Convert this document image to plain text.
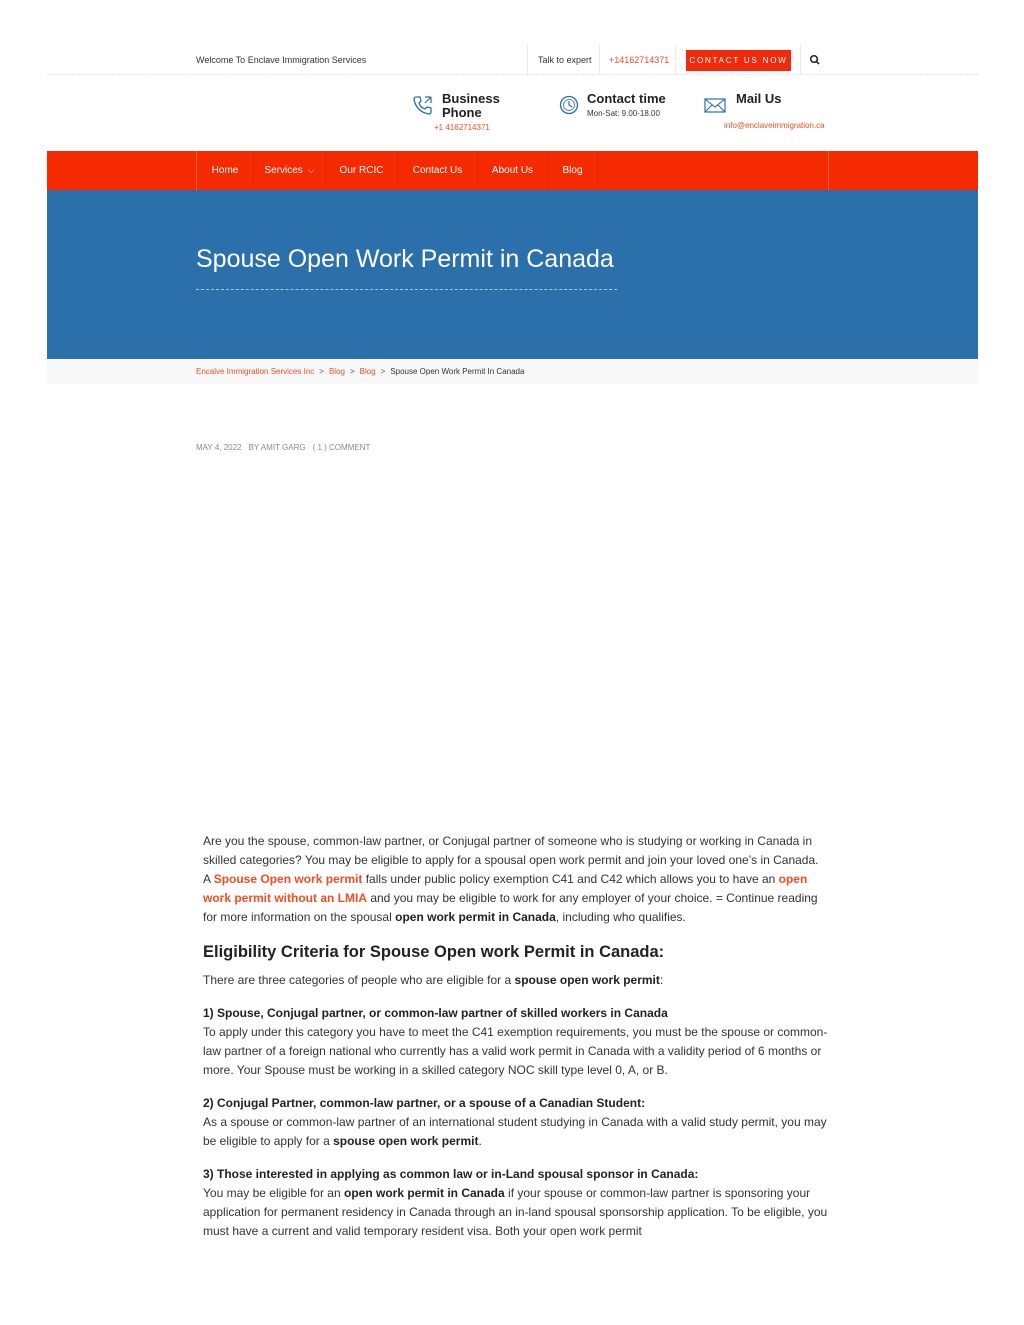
Welcome To Enclave Immigration Services	Talk to expert +14162714371	CONTACT US NOW
Business Phone
+1 4162714371
Contact time
Mon-Sat: 9.00-18.00
Mail Us
info@enclaveimmigration.ca
Home	Services ⌵	Our RCIC	Contact Us	About Us	Blog
Spouse Open Work Permit in Canada
Encalve Immigration Services Inc > Blog > Blog > Spouse Open Work Permit In Canada
MAY 4, 2022 BY AMIT GARG ( 1 ) COMMENT

Are you the spouse, common-law partner, or Conjugal partner of someone who is studying or working in Canada in skilled categories? You may be eligible to apply for a spousal open work permit and join your loved one’s in Canada. A Spouse Open work permit falls under public policy exemption C41 and C42 which allows you to have an open work permit without an LMIA and you may be eligible to work for any employer of your choice. = Continue reading for more information on the spousal open work permit in Canada, including who qualifies.

Eligibility Criteria for Spouse Open work Permit in Canada:

There are three categories of people who are eligible for a spouse open work permit:

1) Spouse, Conjugal partner, or common-law partner of skilled workers in Canada
To apply under this category you have to meet the C41 exemption requirements, you must be the spouse or common-law partner of a foreign national who currently has a valid work permit in Canada with a validity period of 6 months or more. Your Spouse must be working in a skilled category NOC skill type level 0, A, or B.

2) Conjugal Partner, common-law partner, or a spouse of a Canadian Student:
As a spouse or common-law partner of an international student studying in Canada with a valid study permit, you may be eligible to apply for a spouse open work permit.

3) Those interested in applying as common law or in-Land spousal sponsor in Canada:
You may be eligible for an open work permit in Canada if your spouse or common-law partner is sponsoring your application for permanent residency in Canada through an in-land spousal sponsorship application. To be eligible, you must have a current and valid temporary resident visa. Both your open work permit
